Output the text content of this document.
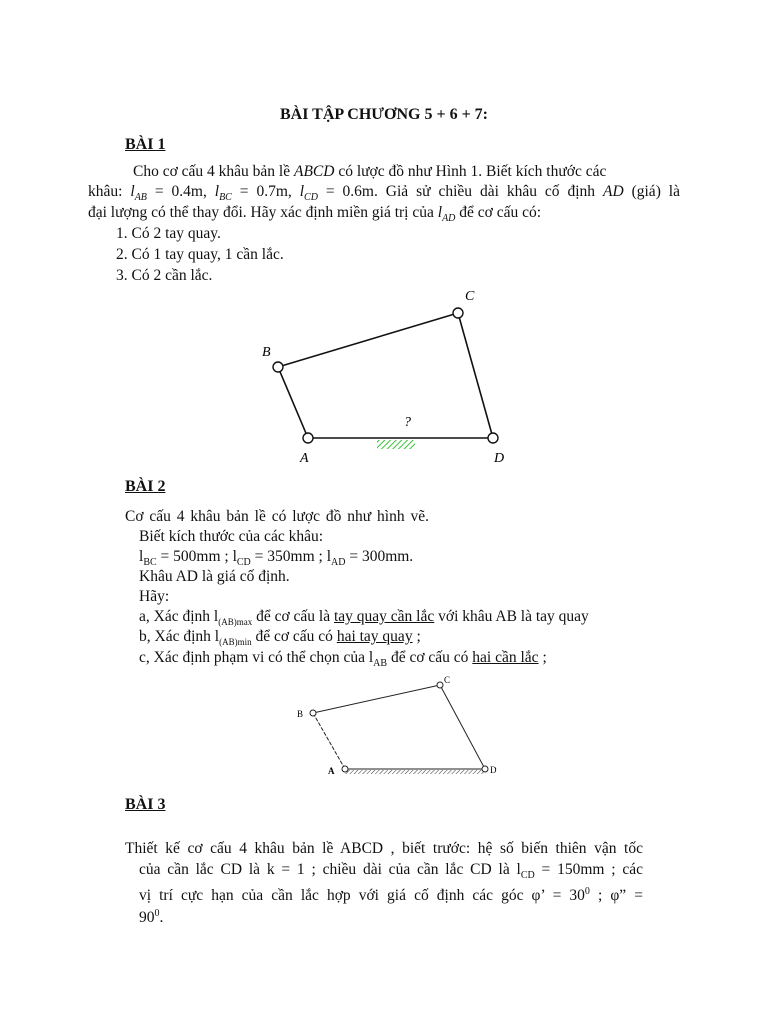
BÀI TẬP CHƯƠNG 5 + 6 + 7:
BÀI 1
Cho cơ cấu 4 khâu bản lề ABCD có lược đồ như Hình 1. Biết kích thước các
khâu: $l_{AB} = 0.4m$, $l_{BC} = 0.7m$, $l_{CD} = 0.6m$. Giả sử chiều dài khâu cố định AD (giá) là
đại lượng có thể thay đổi. Hãy xác định miền giá trị của $l_{AD}$ để cơ cấu có:
1. Có 2 tay quay.
2. Có 1 tay quay, 1 cần lắc.
3. Có 2 cần lắc.
A
B
C
D
?
BÀI 2
Cơ cấu 4 khâu bản lề có lược đồ như hình vẽ.
Biết kích thước của các khâu:
$l_{BC} = 500mm$ ; $l_{CD} = 350mm$ ; $l_{AD} = 300mm$.
Khâu AD là giá cố định.
Hãy:
a, Xác định $l_{(AB)max}$ để cơ cấu là tay quay cần lắc với khâu AB là tay quay
b, Xác định $l_{(AB)min}$ để cơ cấu có hai tay quay ;
c, Xác định phạm vi có thể chọn của $l_{AB}$ để cơ cấu có hai cần lắc ;
A
B
C
D
BÀI 3
Thiết kế cơ cấu 4 khâu bản lề ABCD , biết trước: hệ số biến thiên vận tốc
của cần lắc CD là k = 1 ; chiều dài của cần lắc CD là $l_{CD} = 150mm$ ; các
vị trí cực hạn của cần lắc hợp với giá cố định các góc φ’ = $30^0$ ; φ” =
$90^0$.
